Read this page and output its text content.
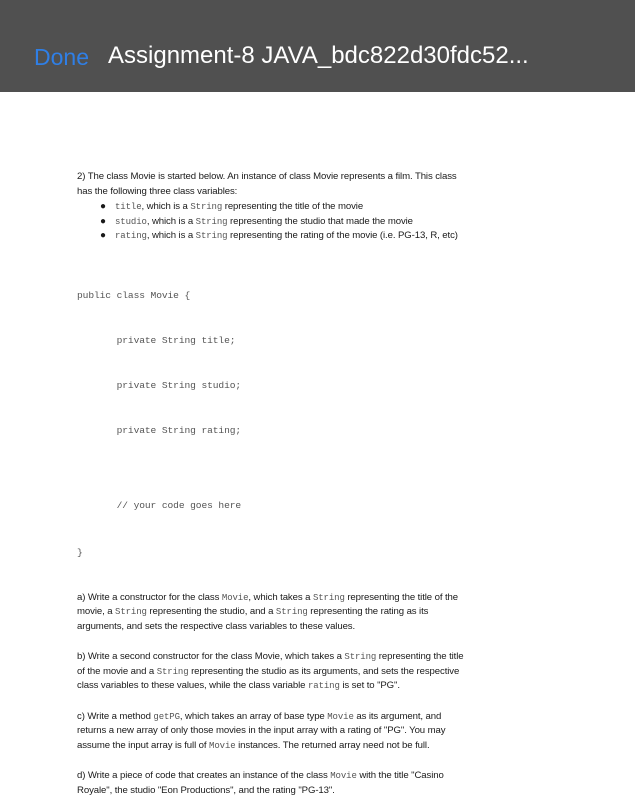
Done Assignment-8 JAVA_bdc822d30fdc52...

2) The class Movie is started below. An instance of class Movie represents a film. This class
has the following three class variables:

● title, which is a String representing the title of the movie
● studio, which is a String representing the studio that made the movie
● rating, which is a String representing the rating of the movie (i.e. PG-13, R, etc)

public class Movie {

private String title;

private String studio;

private String rating;

// your code goes here

}

a) Write a constructor for the class Movie, which takes a String representing the title of the
movie, a String representing the studio, and a String representing the rating as its
arguments, and sets the respective class variables to these values.

b) Write a second constructor for the class Movie, which takes a String representing the title
of the movie and a String representing the studio as its arguments, and sets the respective
class variables to these values, while the class variable rating is set to "PG".

c) Write a method getPG, which takes an array of base type Movie as its argument, and
returns a new array of only those movies in the input array with a rating of "PG". You may
assume the input array is full of Movie instances. The returned array need not be full.

d) Write a piece of code that creates an instance of the class Movie with the title "Casino
Royale", the studio "Eon Productions", and the rating "PG-13".
